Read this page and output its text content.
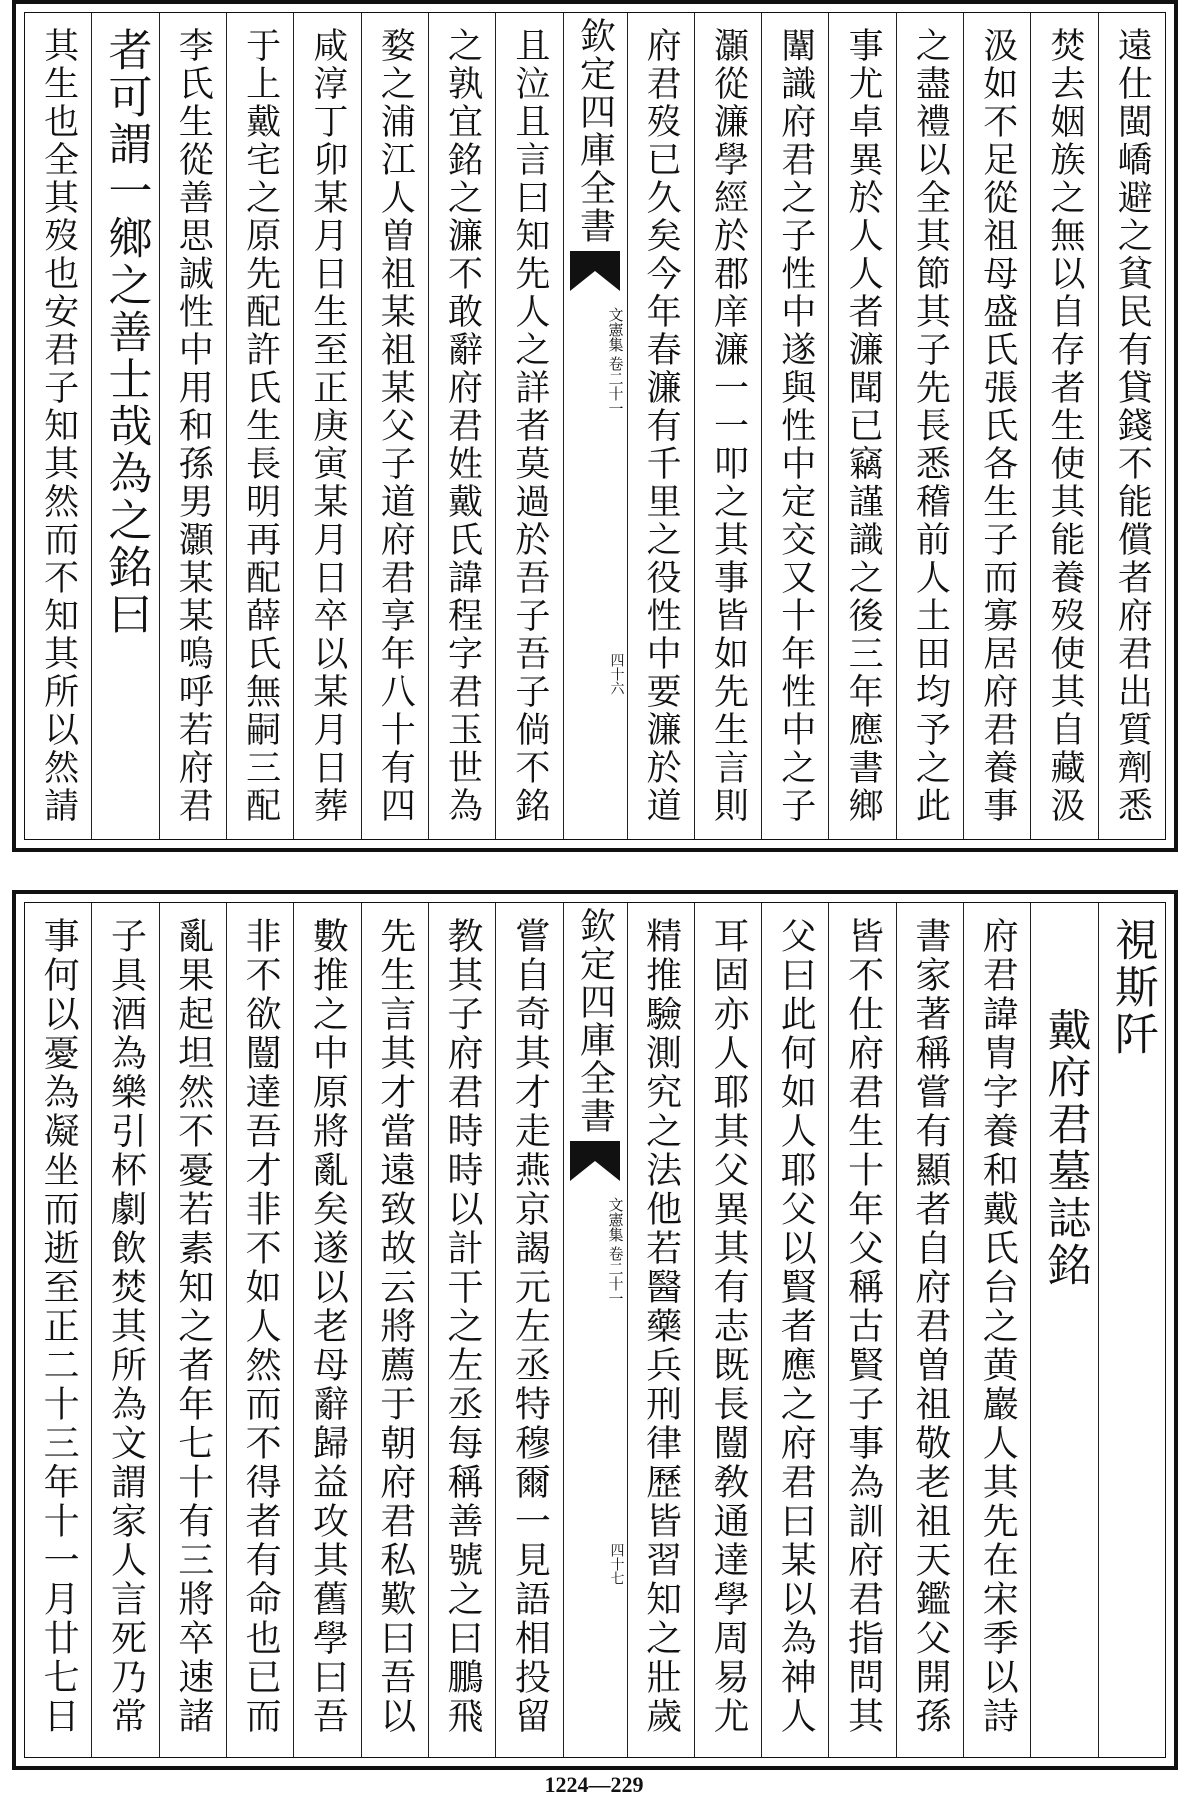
遠仕閩嶠避之貧民有貸錢不能償者府君出質劑悉
焚去姻族之無以自存者生使其能養歿使其自藏汲
汲如不足從祖母盛氏張氏各生子而寡居府君養事
之盡禮以全其節其子先長悉稽前人土田均予之此
事尤卓異於人人者濂聞已竊謹識之後三年應書鄉
闈識府君之子性中遂與性中定交又十年性中之子
灝從濂學經於郡庠濂一一叩之其事皆如先生言則
府君歿已久矣今年春濂有千里之役性中要濂於道
欽定四庫全書
文憲集
卷二十一
四十六
且泣且言曰知先人之詳者莫過於吾子吾子倘不銘
之孰宜銘之濂不敢辭府君姓戴氏諱程字君玉世為
婺之浦江人曽祖某祖某父子道府君享年八十有四
咸淳丁卯某月日生至正庚寅某月日卒以某月日葬
于上戴宅之原先配許氏生長明再配薛氏無嗣三配
李氏生從善思誠性中用和孫男灝某某嗚呼若府君
者可謂一鄉之善士哉為之銘曰
其生也全其歿也安君子知其然而不知其所以然請
視斯阡
戴府君墓誌銘
府君諱胄字養和戴氏台之黄巖人其先在宋季以詩
書家著稱嘗有顯者自府君曽祖敬老祖天鑑父開孫
皆不仕府君生十年父稱古賢子事為訓府君指問其
父曰此何如人耶父以賢者應之府君曰某以為神人
耳固亦人耶其父異其有志既長闓敎通達學周易尤
精推驗測究之法他若醫藥兵刑律歷皆習知之壯歲
欽定四庫全書
文憲集
卷二十一
四十七
嘗自奇其才走燕京謁元左丞特穆爾一見語相投留
教其子府君時時以計干之左丞每稱善號之曰鵬飛
先生言其才當遠致故云將薦于朝府君私歎曰吾以
數推之中原將亂矣遂以老母辭歸益攻其舊學曰吾
非不欲闓達吾才非不如人然而不得者有命也已而
亂果起坦然不憂若素知之者年七十有三將卒速諸
子具酒為樂引杯劇飲焚其所為文謂家人言死乃常
事何以憂為凝坐而逝至正二十三年十一月廿七日
1224—229
